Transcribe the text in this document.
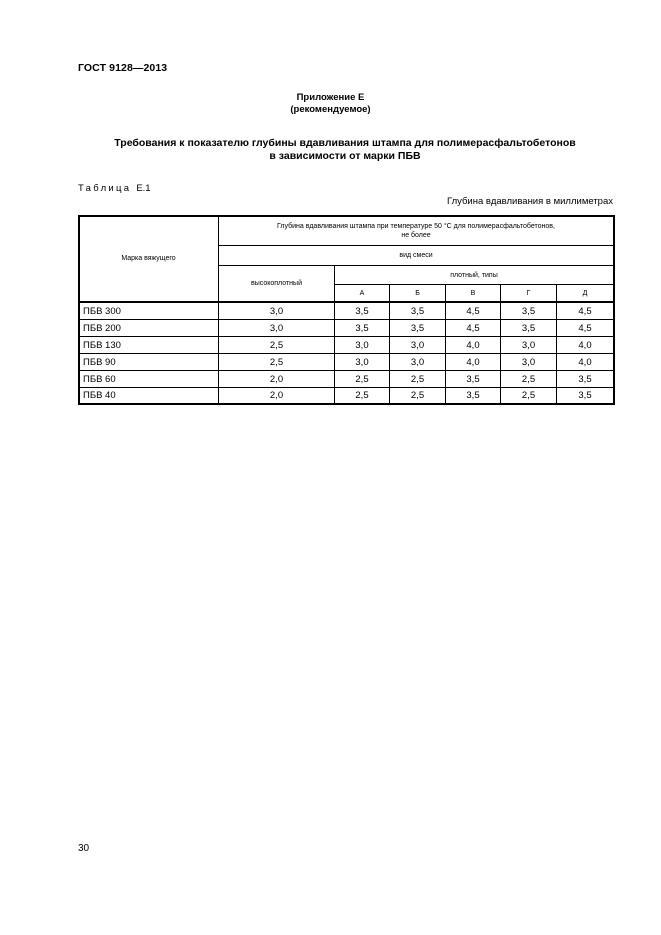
ГОСТ 9128—2013
Приложение Е
(рекомендуемое)
Требования к показателю глубины вдавливания штампа для полимерасфальтобетонов
в зависимости от марки ПБВ
Таблица Е.1
Глубина вдавливания в миллиметрах
Марка вяжущего
Глубина вдавливания штампа при температуре 50 °С для полимерасфальтобетонов,
не более
вид смеси
высокоплотный
плотный, типы
А	Б	В	Г	Д
ПБВ 300	3,0	3,5	3,5	4,5	3,5	4,5
ПБВ 200	3,0	3,5	3,5	4,5	3,5	4,5
ПБВ 130	2,5	3,0	3,0	4,0	3,0	4,0
ПБВ 90	2,5	3,0	3,0	4,0	3,0	4,0
ПБВ 60	2,0	2,5	2,5	3,5	2,5	3,5
ПБВ 40	2,0	2,5	2,5	3,5	2,5	3,5
30
